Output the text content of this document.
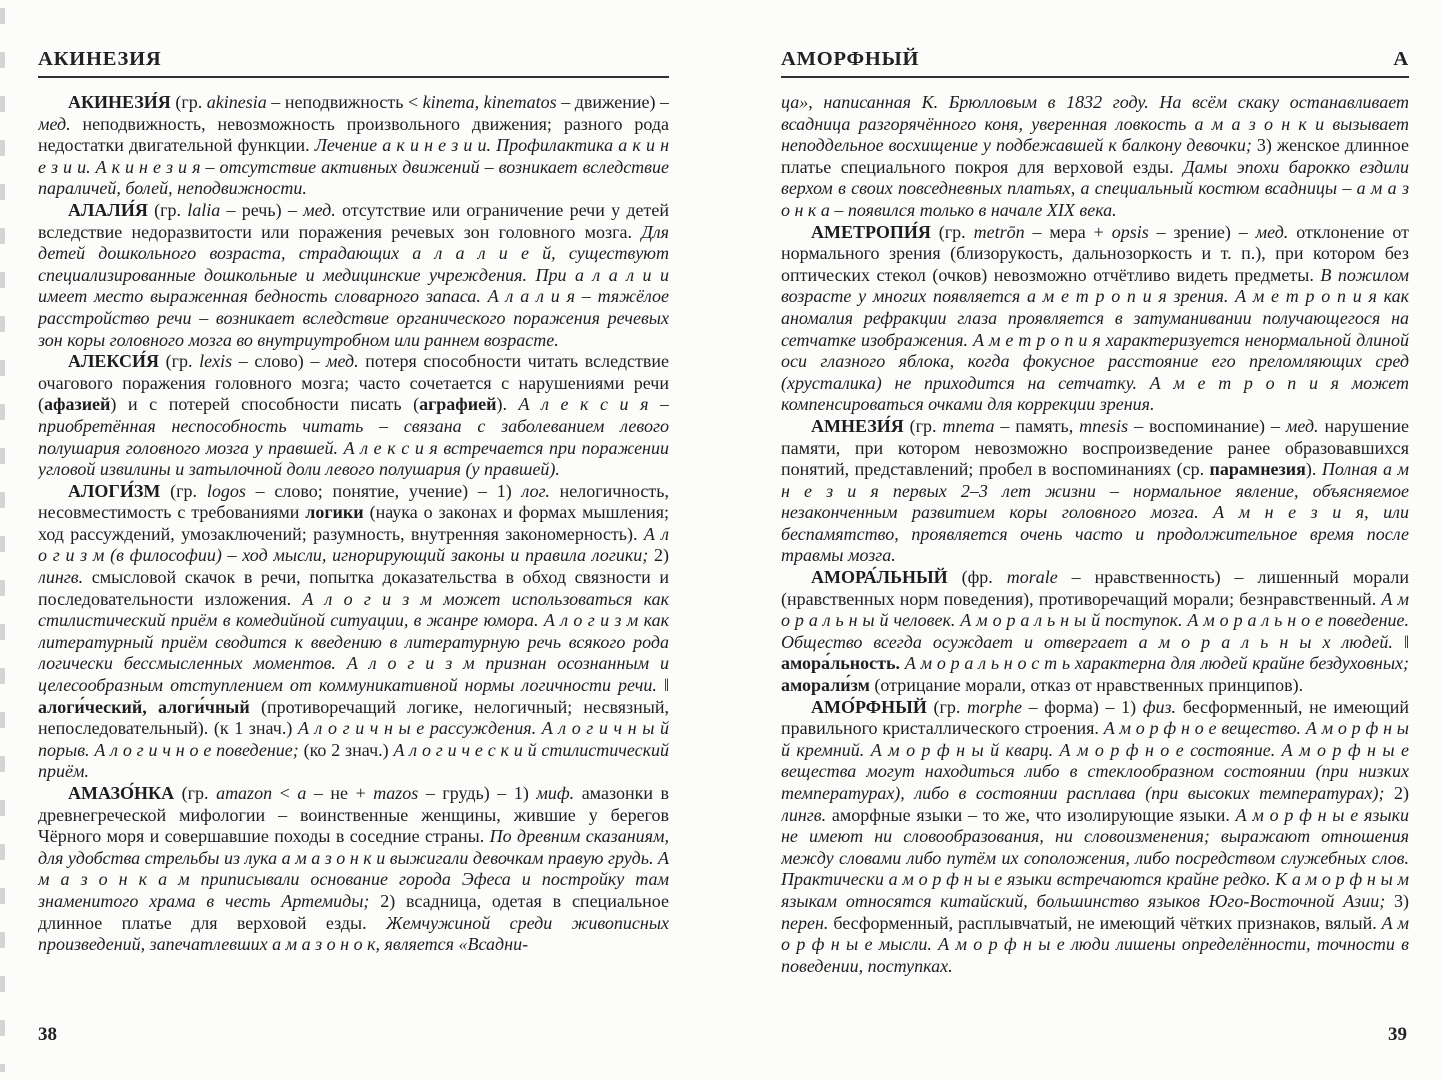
АКИНЕЗИЯ

АКИНЕЗИ́Я (гр. akinesia – неподвижность < kinema, kinematos – движение) – мед. неподвижность, невозможность произвольного движения; разного рода недостатки двигательной функции. Лечение а к и н е з и и. Профилактика а к и н е з и и. А к и н е з и я – отсутствие активных движений – возникает вследствие параличей, болей, неподвижности.

АЛАЛИ́Я (гр. lalia – речь) – мед. отсутствие или ограничение речи у детей вследствие недоразвитости или поражения речевых зон головного мозга. Для детей дошкольного возраста, страдающих а л а л и е й, существуют специализированные дошкольные и медицинские учреждения. При а л а л и и имеет место выраженная бедность словарного запаса. А л а л и я – тяжёлое расстройство речи – возникает вследствие органического поражения речевых зон коры головного мозга во внутриутробном или раннем возрасте.

АЛЕКСИ́Я (гр. lexis – слово) – мед. потеря способности читать вследствие очагового поражения головного мозга; часто сочетается с нарушениями речи (афазией) и с потерей способности писать (аграфией). А л е к с и я – приобретённая неспособность читать – связана с заболеванием левого полушария головного мозга у правшей. А л е к с и я встречается при поражении угловой извилины и затылочной доли левого полушария (у правшей).

АЛОГИ́ЗМ (гр. logos – слово; понятие, учение) – 1) лог. нелогичность, несовместимость с требованиями логики (наука о законах и формах мышления; ход рассуждений, умозаключений; разумность, внутренняя закономерность). А л о г и з м (в философии) – ход мысли, игнорирующий законы и правила логики; 2) лингв. смысловой скачок в речи, попытка доказательства в обход связности и последовательности изложения. А л о г и з м может использоваться как стилистический приём в комедийной ситуации, в жанре юмора. А л о г и з м как литературный приём сводится к введению в литературную речь всякого рода логически бессмысленных моментов. А л о г и з м признан осознанным и целесообразным отступлением от коммуникативной нормы логичности речи. ‖ алоги́ческий, алоги́чный (противоречащий логике, нелогичный; несвязный, непоследовательный). (к 1 знач.) А л о г и ч н ы е рассуждения. А л о г и ч н ы й порыв. А л о г и ч н о е поведение; (ко 2 знач.) А л о г и ч е с к и й стилистический приём.

АМАЗО́НКА (гр. amazon < a – не + mazos – грудь) – 1) миф. амазонки в древнегреческой мифологии – воинственные женщины, жившие у берегов Чёрного моря и совершавшие походы в соседние страны. По древним сказаниям, для удобства стрельбы из лука а м а з о н к и выжигали девочкам правую грудь. А м а з о н к а м приписывали основание города Эфеса и постройку там знаменитого храма в честь Артемиды; 2) всадница, одетая в специальное длинное платье для верховой езды. Жемчужиной среди живописных произведений, запечатлевших а м а з о н о к, является «Всадни-

38
АМОРФНЫЙ	А

ца», написанная К. Брюлловым в 1832 году. На всём скаку останавливает всадница разгорячённого коня, уверенная ловкость а м а з о н к и вызывает неподдельное восхищение у подбежавшей к балкону девочки; 3) женское длинное платье специального покроя для верховой езды. Дамы эпохи барокко ездили верхом в своих повседневных платьях, а специальный костюм всадницы – а м а з о н к а – появился только в начале XIX века.

АМЕТРОПИ́Я (гр. metrōn – мера + opsis – зрение) – мед. отклонение от нормального зрения (близорукость, дальнозоркость и т. п.), при котором без оптических стекол (очков) невозможно отчётливо видеть предметы. В пожилом возрасте у многих появляется а м е т р о п и я зрения. А м е т р о п и я как аномалия рефракции глаза проявляется в затуманивании получающегося на сетчатке изображения. А м е т р о п и я характеризуется ненормальной длиной оси глазного яблока, когда фокусное расстояние его преломляющих сред (хрусталика) не приходится на сетчатку. А м е т р о п и я может компенсироваться очками для коррекции зрения.

АМНЕЗИ́Я (гр. mnema – память, mnesis – воспоминание) – мед. нарушение памяти, при котором невозможно воспроизведение ранее образовавшихся понятий, представлений; пробел в воспоминаниях (ср. парамнезия). Полная а м н е з и я первых 2–3 лет жизни – нормальное явление, объясняемое незаконченным развитием коры головного мозга. А м н е з и я, или беспамятство, проявляется очень часто и продолжительное время после травмы мозга.

АМОРА́ЛЬНЫЙ (фр. morale – нравственность) – лишенный морали (нравственных норм поведения), противоречащий морали; безнравственный. А м о р а л ь н ы й человек. А м о р а л ь н ы й поступок. А м о р а л ь н о е поведение. Общество всегда осуждает и отвергает а м о р а л ь н ы х людей. ‖ амора́льность. А м о р а л ь н о с т ь характерна для людей крайне бездуховных; аморали́зм (отрицание морали, отказ от нравственных принципов).

АМО́РФНЫЙ (гр. morphe – форма) – 1) физ. бесформенный, не имеющий правильного кристаллического строения. А м о р ф н о е вещество. А м о р ф н ы й кремний. А м о р ф н ы й кварц. А м о р ф н о е состояние. А м о р ф н ы е вещества могут находиться либо в стеклообразном состоянии (при низких температурах), либо в состоянии расплава (при высоких температурах); 2) лингв. аморфные языки – то же, что изолирующие языки. А м о р ф н ы е языки не имеют ни словообразования, ни словоизменения; выражают отношения между словами либо путём их соположения, либо посредством служебных слов. Практически а м о р ф н ы е языки встречаются крайне редко. К а м о р ф н ы м языкам относятся китайский, большинство языков Юго-Восточной Азии; 3) перен. бесформенный, расплывчатый, не имеющий чётких признаков, вялый. А м о р ф н ы е мысли. А м о р ф н ы е люди лишены определённости, точности в поведении, поступках.

39
